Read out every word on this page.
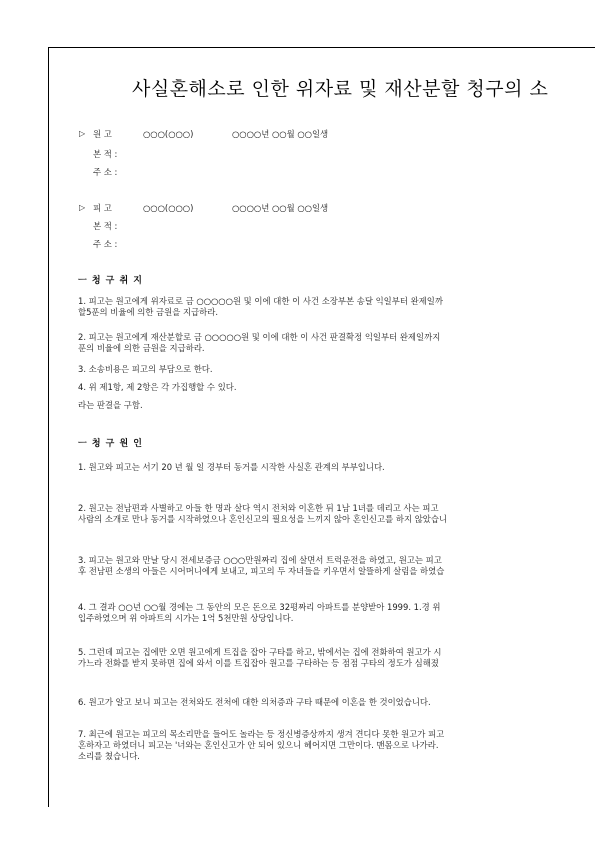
사실혼해소로 인한 위자료 및 재산분할 청구의 소
▷ 원 고	○○○(○○○)	○○○○년 ○○월 ○○일생
본 적 :
주 소 :
▷ 피 고	○○○(○○○)	○○○○년 ○○월 ○○일생
본 적 :
주 소 :
ㅡ 청 구 취 지
1. 피고는 원고에게 위자료로 금 ○○○○○원 및 이에 대한 이 사건 소장부본 송달 익일부터 완제일까
할5푼의 비율에 의한 금원을 지급하라.
2. 피고는 원고에게 재산분할로 금 ○○○○○원 및 이에 대한 이 사건 판결확정 익일부터 완제일까지
푼의 비율에 의한 금원을 지급하라.
3. 소송비용은 피고의 부담으로 한다.
4. 위 제1항, 제 2항은 각 가집행할 수 있다.
라는 판결을 구함.
ㅡ 청 구 원 인
1. 원고와 피고는 서기 20 년 월 일 경부터 동거를 시작한 사실혼 관계의 부부입니다.
2. 원고는 전남편과 사별하고 아들 한 명과 살다 역시 전처와 이혼한 뒤 1남 1녀를 데리고 사는 피고
사람의 소개로 만나 동거를 시작하였으나 혼인신고의 필요성을 느끼지 않아 혼인신고를 하지 않았습니
3. 피고는 원고와 만날 당시 전세보증금 ○○○만원짜리 집에 살면서 트럭운전을 하였고, 원고는 피고
후 전남편 소생의 아들은 시어머니에게 보내고, 피고의 두 자녀들을 키우면서 알뜰하게 살림을 하였습
4. 그 결과 ○○년 ○○월 경에는 그 동안의 모은 돈으로 32평짜리 아파트를 분양받아 1999. 1.경 위
입주하였으며 위 아파트의 시가는 1억 5천만원 상당입니다.
5. 그런데 피고는 집에만 오면 원고에게 트집을 잡아 구타를 하고, 밖에서는 집에 전화하여 원고가 시
가느라 전화를 받지 못하면 집에 와서 이를 트집잡아 원고를 구타하는 등 점점 구타의 정도가 심해졌
6. 원고가 알고 보니 피고는 전처와도 전처에 대한 의처증과 구타 때문에 이혼을 한 것이었습니다.
7. 최근에 원고는 피고의 목소리만을 들어도 놀라는 등 정신병증상까지 생겨 견디다 못한 원고가 피고
혼하자고 하였더니 피고는 '너와는 혼인신고가 안 되어 있으니 헤어지면 그만이다. 맨몸으로 나가라.
소리를 쳤습니다.
